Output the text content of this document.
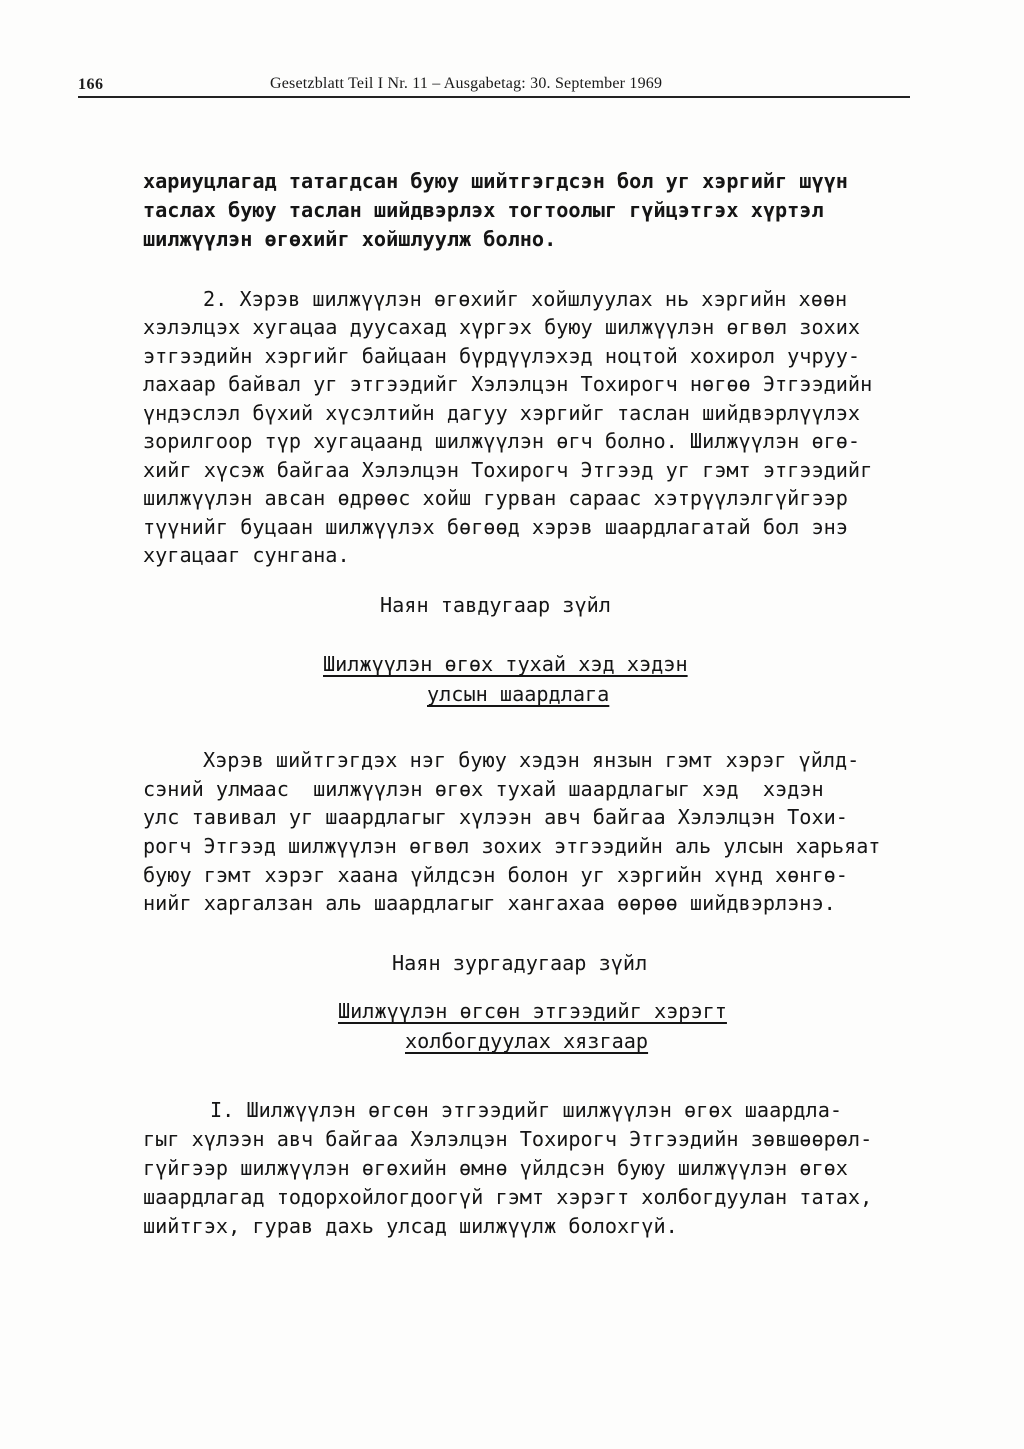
166	Gesetzblatt Teil I Nr. 11 – Ausgabetag: 30. September 1969
хариуцлагад татагдсан буюу шийтгэгдсэн бол уг хэргийг шүүн
таслах буюу таслан шийдвэрлэх тогтоолыг гүйцэтгэх хүртэл
шилжүүлэн өгөхийг хойшлуулж болно.
2. Хэрэв шилжүүлэн өгөхийг хойшлуулах нь хэргийн хөөн
хэлэлцэх хугацаа дуусахад хүргэх буюу шилжүүлэн өгвөл зохих
этгээдийн хэргийг байцаан бүрдүүлэхэд ноцтой хохирол учруу-
лахаар байвал уг этгээдийг Хэлэлцэн Тохирогч нөгөө Этгээдийн
үндэслэл бүхий хүсэлтийн дагуу хэргийг таслан шийдвэрлүүлэх
зорилгоор түр хугацаанд шилжүүлэн өгч болно. Шилжүүлэн өгө-
хийг хүсэж байгаа Хэлэлцэн Тохирогч Этгээд уг гэмт этгээдийг
шилжүүлэн авсан өдрөөс хойш гурван сараас хэтрүүлэлгүйгээр
түүнийг буцаан шилжүүлэх бөгөөд хэрэв шаардлагатай бол энэ
хугацааг сунгана.
Наян тавдугаар зүйл
Шилжүүлэн өгөх тухай хэд хэдэн
улсын шаардлага
Хэрэв шийтгэгдэх нэг буюу хэдэн янзын гэмт хэрэг үйлд-
сэний улмаас  шилжүүлэн өгөх тухай шаардлагыг хэд  хэдэн
улс тавивал уг шаардлагыг хүлээн авч байгаа Хэлэлцэн Тохи-
рогч Этгээд шилжүүлэн өгвөл зохих этгээдийн аль улсын харьяат
буюу гэмт хэрэг хаана үйлдсэн болон уг хэргийн хүнд хөнгө-
нийг харгалзан аль шаардлагыг хангахаа өөрөө шийдвэрлэнэ.
Наян зургадугаар зүйл
Шилжүүлэн өгсөн этгээдийг хэрэгт
холбогдуулах хязгаар
I. Шилжүүлэн өгсөн этгээдийг шилжүүлэн өгөх шаардла-
гыг хүлээн авч байгаа Хэлэлцэн Тохирогч Этгээдийн зөвшөөрөл-
гүйгээр шилжүүлэн өгөхийн өмнө үйлдсэн буюу шилжүүлэн өгөх
шаардлагад тодорхойлогдоогүй гэмт хэрэгт холбогдуулан татах,
шийтгэх, гурав дахь улсад шилжүүлж болохгүй.
